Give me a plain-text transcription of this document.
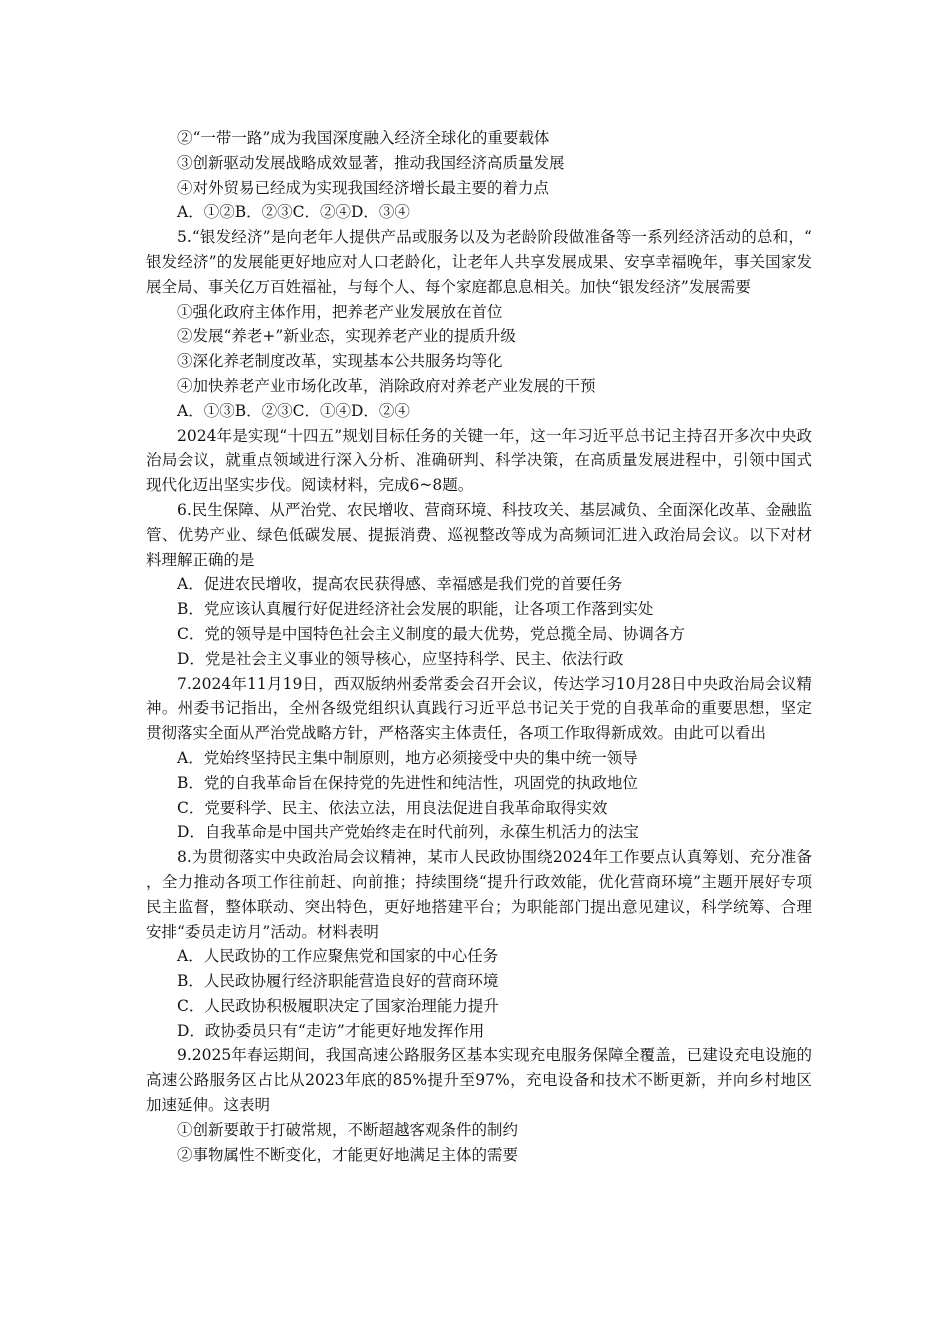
②“一带一路”成为我国深度融入经济全球化的重要载体

③创新驱动发展战略成效显著，推动我国经济高质量发展

④对外贸易已经成为实现我国经济增长最主要的着力点

A．①②B．②③C．②④D．③④

5.“银发经济”是向老年人提供产品或服务以及为老龄阶段做准备等一系列经济活动的总和，“银发经济”的发展能更好地应对人口老龄化，让老年人共享发展成果、安享幸福晚年，事关国家发展全局、事关亿万百姓福祉，与每个人、每个家庭都息息相关。加快“银发经济”发展需要

①强化政府主体作用，把养老产业发展放在首位

②发展“养老+”新业态，实现养老产业的提质升级

③深化养老制度改革，实现基本公共服务均等化

④加快养老产业市场化改革，消除政府对养老产业发展的干预

A．①③B．②③C．①④D．②④

2024年是实现“十四五”规划目标任务的关键一年，这一年习近平总书记主持召开多次中央政治局会议，就重点领域进行深入分析、准确研判、科学决策，在高质量发展进程中，引领中国式现代化迈出坚实步伐。阅读材料，完成6~8题。

6.民生保障、从严治党、农民增收、营商环境、科技攻关、基层减负、全面深化改革、金融监管、优势产业、绿色低碳发展、提振消费、巡视整改等成为高频词汇进入政治局会议。以下对材料理解正确的是

A．促进农民增收，提高农民获得感、幸福感是我们党的首要任务

B．党应该认真履行好促进经济社会发展的职能，让各项工作落到实处

C．党的领导是中国特色社会主义制度的最大优势，党总揽全局、协调各方

D．党是社会主义事业的领导核心，应坚持科学、民主、依法行政

7.2024年11月19日，西双版纳州委常委会召开会议，传达学习10月28日中央政治局会议精神。州委书记指出，全州各级党组织认真践行习近平总书记关于党的自我革命的重要思想，坚定贯彻落实全面从严治党战略方针，严格落实主体责任，各项工作取得新成效。由此可以看出

A．党始终坚持民主集中制原则，地方必须接受中央的集中统一领导

B．党的自我革命旨在保持党的先进性和纯洁性，巩固党的执政地位

C．党要科学、民主、依法立法，用良法促进自我革命取得实效

D．自我革命是中国共产党始终走在时代前列，永葆生机活力的法宝

8.为贯彻落实中央政治局会议精神，某市人民政协围绕2024年工作要点认真筹划、充分准备，全力推动各项工作往前赶、向前推；持续围绕“提升行政效能，优化营商环境”主题开展好专项民主监督，整体联动、突出特色，更好地搭建平台；为职能部门提出意见建议，科学统筹、合理安排“委员走访月”活动。材料表明

A．人民政协的工作应聚焦党和国家的中心任务

B．人民政协履行经济职能营造良好的营商环境

C．人民政协积极履职决定了国家治理能力提升

D．政协委员只有“走访”才能更好地发挥作用

9.2025年春运期间，我国高速公路服务区基本实现充电服务保障全覆盖，已建设充电设施的高速公路服务区占比从2023年底的85%提升至97%，充电设备和技术不断更新，并向乡村地区加速延伸。这表明

①创新要敢于打破常规，不断超越客观条件的制约

②事物属性不断变化，才能更好地满足主体的需要
